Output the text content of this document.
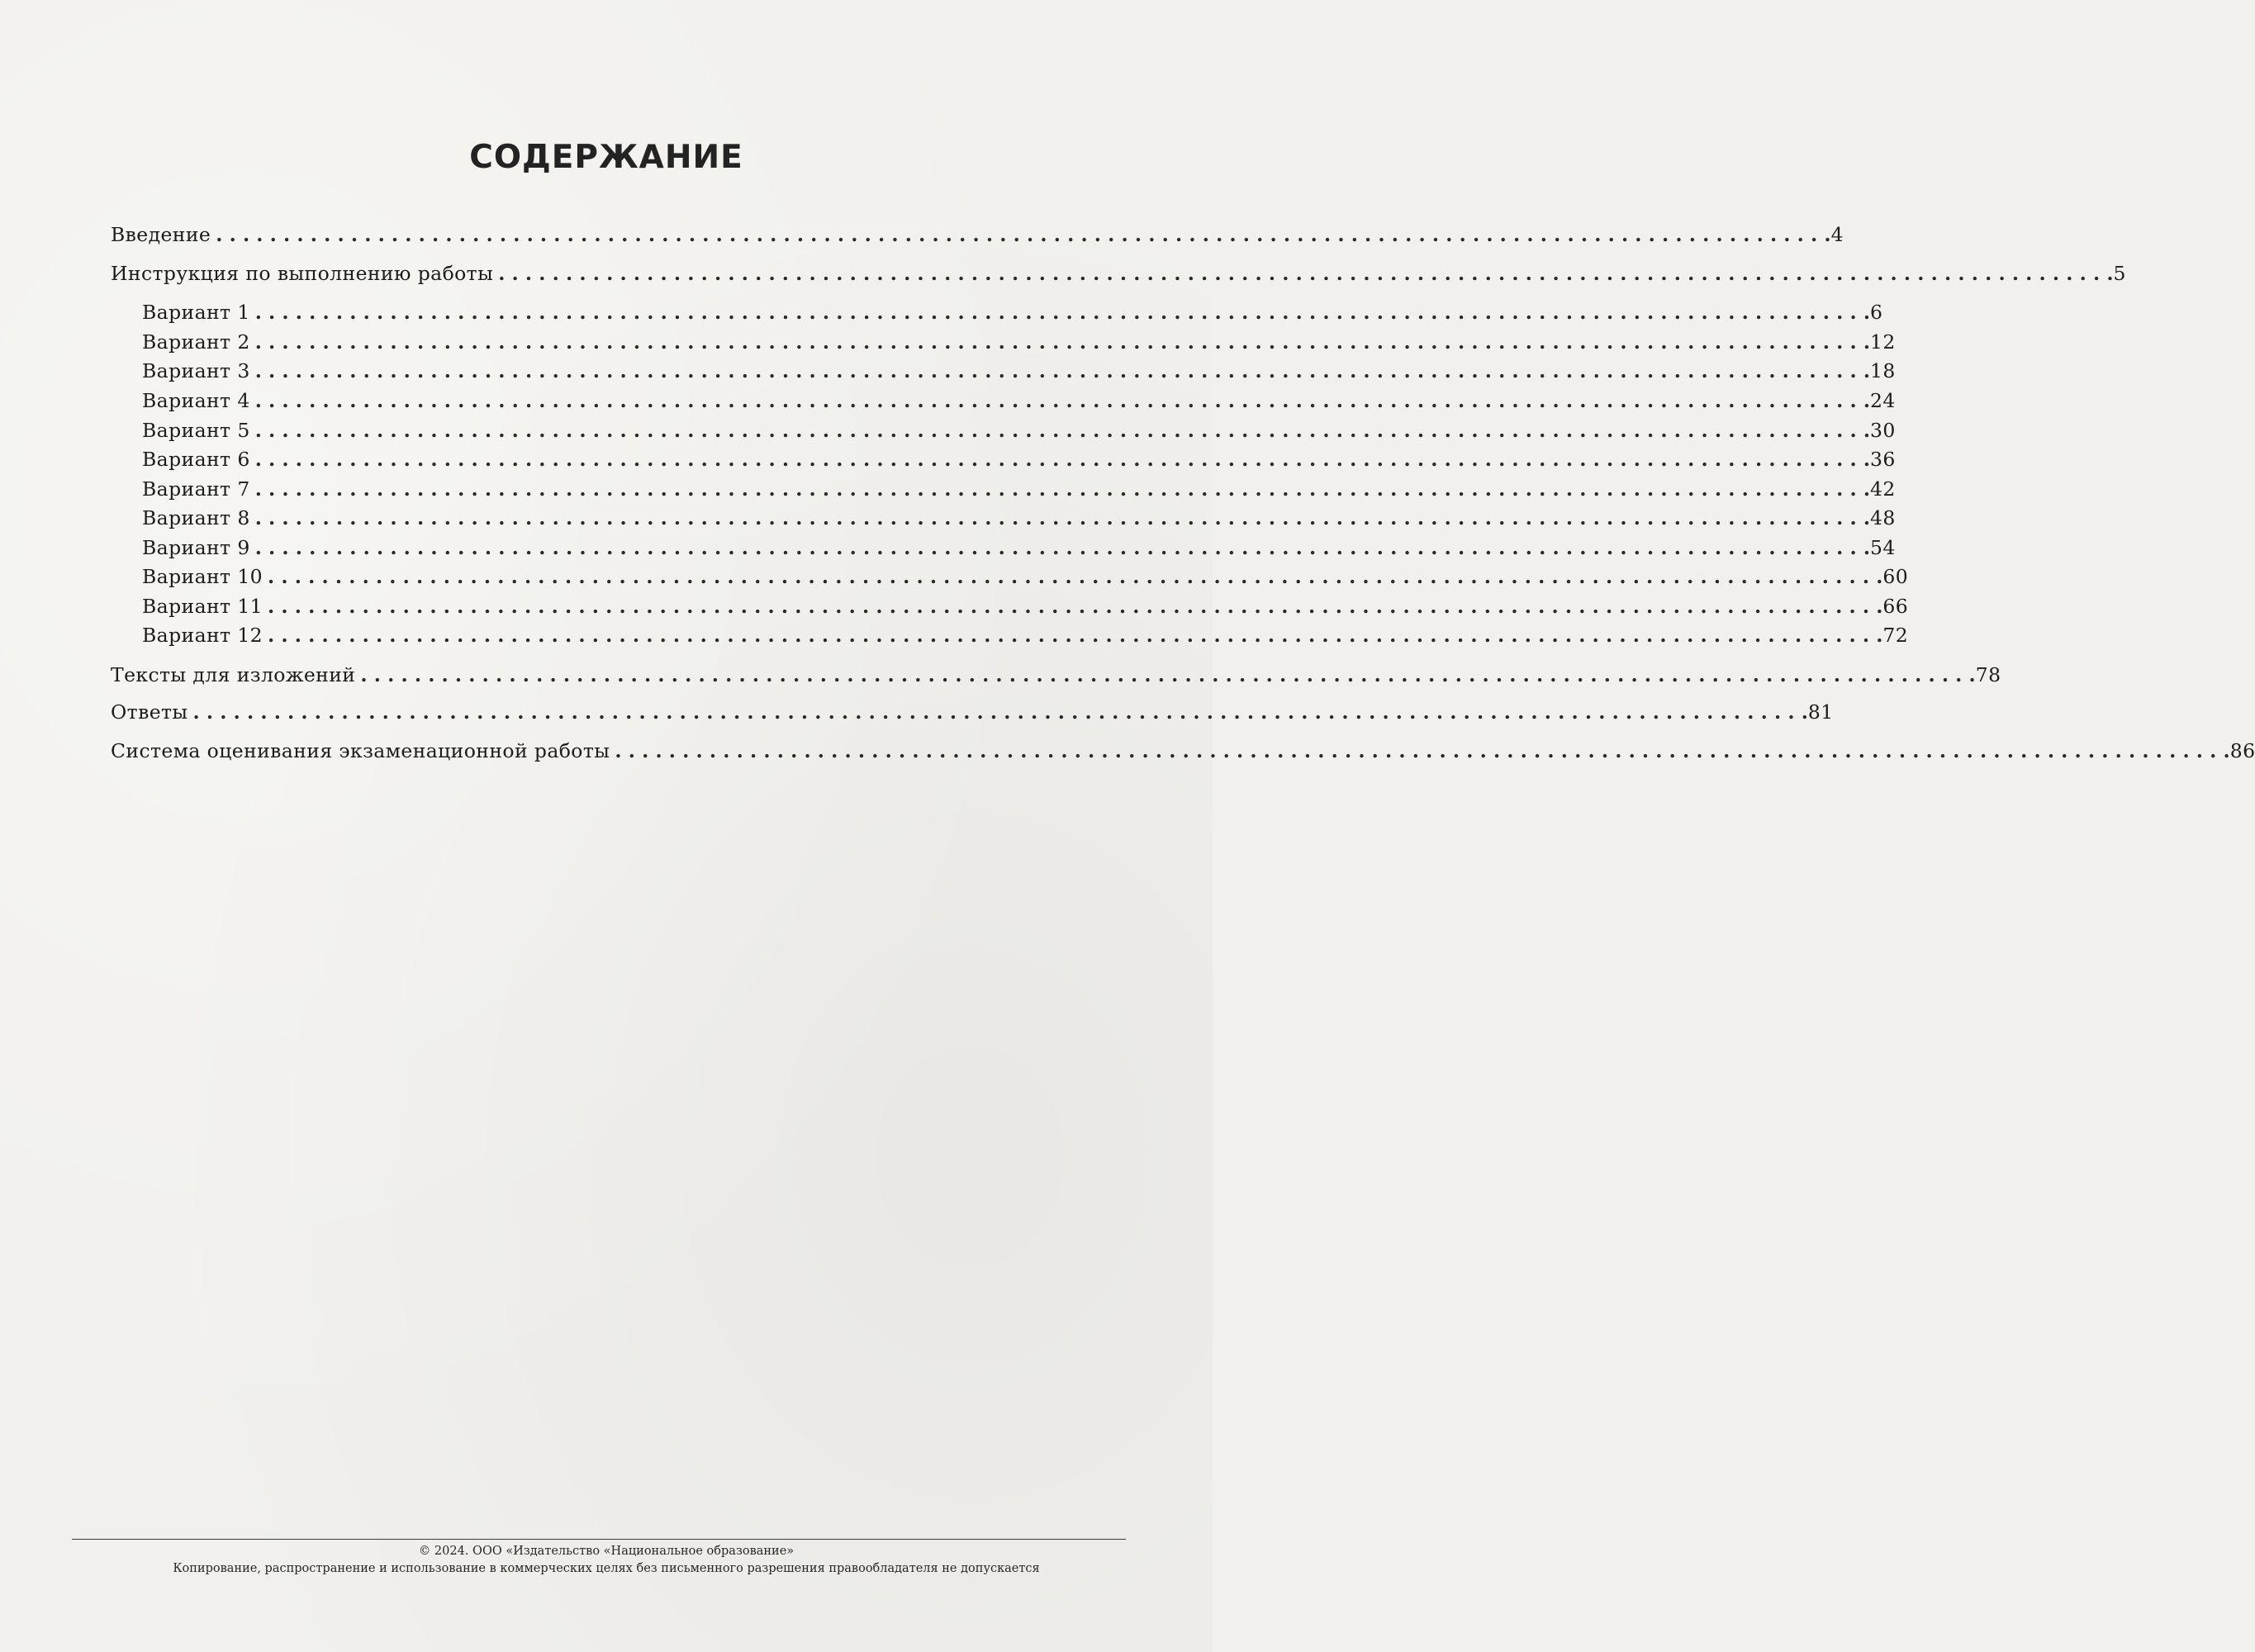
СОДЕРЖАНИЕ
Введение . . . . . . . . . . . . . . . . . . . . . . . . . . . . . . . . . . . . . . . . . . . . . . . . . . . . . . . . . . . . . . . . . . . . . . . . . . . . . . . . . . . . . . . . . . . . . . . . . . . . . . . . . . . . . . . . . . . . . . . . 4
Инструкция по выполнению работы . . . . . . . . . . . . . . . . . . . . . . . . . . . . . . . . . . . . . . . . . . . . . . . . . . . . . . . . . . . . . . . . . . . . . . . . . . . . . . . . . . . . . . . . . . . . . . . . . . . . . . . . . . . . . . . . . . . . . . . . 5
Вариант 1 . . . . . . . . . . . . . . . . . . . . . . . . . . . . . . . . . . . . . . . . . . . . . . . . . . . . . . . . . . . . . . . . . . . . . . . . . . . . . . . . . . . . . . . . . . . . . . . . . . . . . . . . . . . . . . . . . . . . . . . . 6
Вариант 2 . . . . . . . . . . . . . . . . . . . . . . . . . . . . . . . . . . . . . . . . . . . . . . . . . . . . . . . . . . . . . . . . . . . . . . . . . . . . . . . . . . . . . . . . . . . . . . . . . . . . . . . . . . . . . . . . . . . . . . . . 12
Вариант 3 . . . . . . . . . . . . . . . . . . . . . . . . . . . . . . . . . . . . . . . . . . . . . . . . . . . . . . . . . . . . . . . . . . . . . . . . . . . . . . . . . . . . . . . . . . . . . . . . . . . . . . . . . . . . . . . . . . . . . . . . 18
Вариант 4 . . . . . . . . . . . . . . . . . . . . . . . . . . . . . . . . . . . . . . . . . . . . . . . . . . . . . . . . . . . . . . . . . . . . . . . . . . . . . . . . . . . . . . . . . . . . . . . . . . . . . . . . . . . . . . . . . . . . . . . . 24
Вариант 5 . . . . . . . . . . . . . . . . . . . . . . . . . . . . . . . . . . . . . . . . . . . . . . . . . . . . . . . . . . . . . . . . . . . . . . . . . . . . . . . . . . . . . . . . . . . . . . . . . . . . . . . . . . . . . . . . . . . . . . . . 30
Вариант 6 . . . . . . . . . . . . . . . . . . . . . . . . . . . . . . . . . . . . . . . . . . . . . . . . . . . . . . . . . . . . . . . . . . . . . . . . . . . . . . . . . . . . . . . . . . . . . . . . . . . . . . . . . . . . . . . . . . . . . . . . 36
Вариант 7 . . . . . . . . . . . . . . . . . . . . . . . . . . . . . . . . . . . . . . . . . . . . . . . . . . . . . . . . . . . . . . . . . . . . . . . . . . . . . . . . . . . . . . . . . . . . . . . . . . . . . . . . . . . . . . . . . . . . . . . . 42
Вариант 8 . . . . . . . . . . . . . . . . . . . . . . . . . . . . . . . . . . . . . . . . . . . . . . . . . . . . . . . . . . . . . . . . . . . . . . . . . . . . . . . . . . . . . . . . . . . . . . . . . . . . . . . . . . . . . . . . . . . . . . . . 48
Вариант 9 . . . . . . . . . . . . . . . . . . . . . . . . . . . . . . . . . . . . . . . . . . . . . . . . . . . . . . . . . . . . . . . . . . . . . . . . . . . . . . . . . . . . . . . . . . . . . . . . . . . . . . . . . . . . . . . . . . . . . . . . 54
Вариант 10 . . . . . . . . . . . . . . . . . . . . . . . . . . . . . . . . . . . . . . . . . . . . . . . . . . . . . . . . . . . . . . . . . . . . . . . . . . . . . . . . . . . . . . . . . . . . . . . . . . . . . . . . . . . . . . . . . . . . . . . . 60
Вариант 11 . . . . . . . . . . . . . . . . . . . . . . . . . . . . . . . . . . . . . . . . . . . . . . . . . . . . . . . . . . . . . . . . . . . . . . . . . . . . . . . . . . . . . . . . . . . . . . . . . . . . . . . . . . . . . . . . . . . . . . . . 66
Вариант 12 . . . . . . . . . . . . . . . . . . . . . . . . . . . . . . . . . . . . . . . . . . . . . . . . . . . . . . . . . . . . . . . . . . . . . . . . . . . . . . . . . . . . . . . . . . . . . . . . . . . . . . . . . . . . . . . . . . . . . . . . 72
Тексты для изложений . . . . . . . . . . . . . . . . . . . . . . . . . . . . . . . . . . . . . . . . . . . . . . . . . . . . . . . . . . . . . . . . . . . . . . . . . . . . . . . . . . . . . . . . . . . . . . . . . . . . . . . . . . . . . . . . . . . . . . . . 78
Ответы . . . . . . . . . . . . . . . . . . . . . . . . . . . . . . . . . . . . . . . . . . . . . . . . . . . . . . . . . . . . . . . . . . . . . . . . . . . . . . . . . . . . . . . . . . . . . . . . . . . . . . . . . . . . . . . . . . . . . . . . 81
Система оценивания экзаменационной работы . . . . . . . . . . . . . . . . . . . . . . . . . . . . . . . . . . . . . . . . . . . . . . . . . . . . . . . . . . . . . . . . . . . . . . . . . . . . . . . . . . . . . . . . . . . . . . . . . . . . . . . . . . . . . . . . . . . . . . . . 86
© 2024. ООО «Издательство «Национальное образование»
Копирование, распространение и использование в коммерческих целях без письменного разрешения правообладателя не допускается
